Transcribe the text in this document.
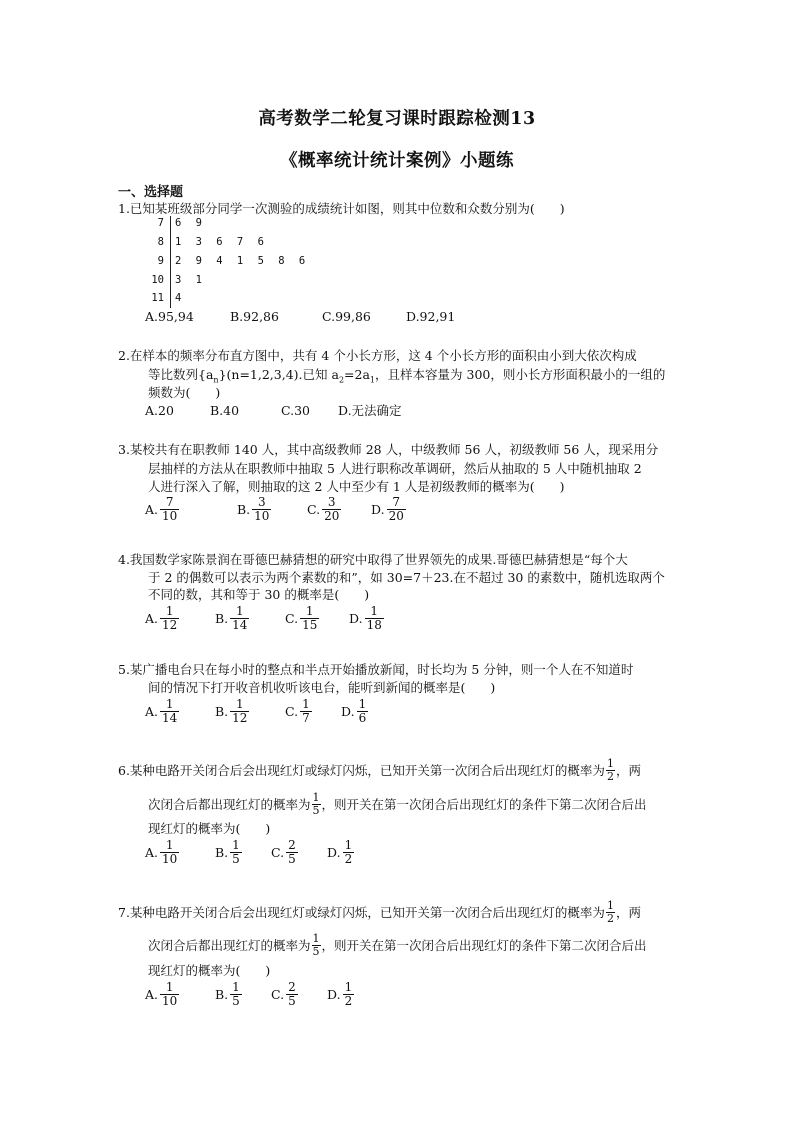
高考数学二轮复习课时跟踪检测13
《概率统计统计案例》小题练
一、选择题
1.已知某班级部分同学一次测验的成绩统计如图，则其中位数和众数分别为(　　)
7 6 9
8 1 3 6 7 6
9 2 9 4 1 5 8 6
10 3 1
11 4
A.95,94	B.92,86	C.99,86	D.92,91
2.在样本的频率分布直方图中，共有 4 个小长方形，这 4 个小长方形的面积由小到大依次构成
等比数列$\{a_n\}(n=1,2,3,4)$.已知 $a_2=2a_1$，且样本容量为 300，则小长方形面积最小的一组的
频数为(　　)
A.20	B.40	C.30 D.无法确定
3.某校共有在职教师 140 人，其中高级教师 28 人，中级教师 56 人，初级教师 56 人，现采用分
层抽样的方法从在职教师中抽取 5 人进行职称改革调研，然后从抽取的 5 人中随机抽取 2
人进行深入了解，则抽取的这 2 人中至少有 1 人是初级教师的概率为(　　)
A. $\frac{7}{10}$	B. $\frac{3}{10}$	C. $\frac{3}{20} D$. $\frac{7}{20}$
4.我国数学家陈景润在哥德巴赫猜想的研究中取得了世界领先的成果.哥德巴赫猜想是“每个大
于 2 的偶数可以表示为两个素数的和”，如 30=7＋23.在不超过 30 的素数中，随机选取两个
不同的数，其和等于 30 的概率是(　　)
A. $\frac{1}{12}$	B. $\frac{1}{14}$	C. $\frac{1}{15} D$. $\frac{1}{18}$
5.某广播电台只在每小时的整点和半点开始播放新闻，时长均为 5 分钟，则一个人在不知道时
间的情况下打开收音机收听该电台，能听到新闻的概率是(　　)
A. $\frac{1}{14}$	B. $\frac{1}{12}$	C. $\frac{1}{7} D$. $\frac{1}{6}$
6.某种电路开关闭合后会出现红灯或绿灯闪烁，已知开关第一次闭合后出现红灯的概率为 $\frac{1}{2}$ ，两
次闭合后都出现红灯的概率为 $\frac{1}{5}$ ，则开关在第一次闭合后出现红灯的条件下第二次闭合后出
现红灯的概率为(　　)
A. $\frac{1}{10}$	B. $\frac{1}{5} C$. $\frac{2}{5} D$. $\frac{1}{2}$
7.某种电路开关闭合后会出现红灯或绿灯闪烁，已知开关第一次闭合后出现红灯的概率为 $\frac{1}{2}$ ，两
次闭合后都出现红灯的概率为 $\frac{1}{5}$ ，则开关在第一次闭合后出现红灯的条件下第二次闭合后出
现红灯的概率为(　　)
A. $\frac{1}{10}$	B. $\frac{1}{5} C$. $\frac{2}{5} D$. $\frac{1}{2}$
